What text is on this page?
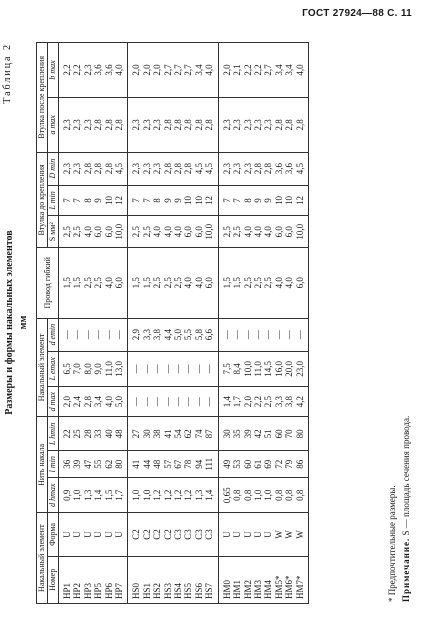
ГОСТ 27924—88 С. 11
Таблица 2
Размеры и формы накальных элементов мм
Накальный элемент		Нить накала			Накальный элемент			Провод гибкий	Втулка до крепления			Втулка после крепления	
Номер	Форма	d hmax	l min	L hmin	d max	L emax	d emin		S мм²	L min	D min	a max	b max
HP1	U	0,9	36	22	2,0	6,5	—	1,5	2,5	7	2,3	2,3	2,2
HP2	U	1,0	39	25	2,4	7,0	—	1,5	2,5	7	2,3	2,3	2,2
HP3	U	1,3	47	28	2,8	8,0	—	2,5	4,0	8	2,8	2,3	2,3
HP5	U	1,4	55	33	3,4	9,0	—	2,5	6,0	9	2,8	2,8	3,6
HP6	U	1,5	62	40	4,0	11,0	—	4,0	6,0	10	2,8	2,8	3,6
HP7	U	1,7	80	48	5,0	13,0	—	6,0	10,0	12	4,5	2,8	4,0
HS0	C2	1,0	41	27	—	—	2,9	1,5	2,5	7	2,3	2,3	2,0
HS1	C2	1,0	44	30	—	—	3,3	1,5	2,5	7	2,3	2,3	2,0
HS2	C2	1,2	48	38	—	—	3,8	2,5	4,0	8	2,3	2,3	2,0
HS3	C2	1,2	57	41	—	—	4,4	2,5	4,0	9	2,8	2,8	2,7
HS4	C3	1,2	67	54	—	—	5,0	2,5	4,0	9	2,8	2,8	2,7
HS5	C3	1,2	78	62	—	—	5,5	4,0	6,0	10	2,8	2,8	2,7
HS6	C3	1,3	94	74	—	—	5,8	4,0	6,0	10	4,5	2,8	3,4
HS7	C3	1,4	111	87	—	—	6,6	6,0	10,0	12	4,5	2,8	4,0
HM0	U	0,65	49	30	1,4	7,5	—	1,5	2,5	7	2,3	2,3	2,0
HM1	U	0,8	53	35	1,7	8,4	—	1,5	2,5	7	2,3	2,3	2,1
HM2	U	0,8	60	39	2,0	10,0	—	2,5	4,0	8	2,3	2,3	2,2
HM3	U	1,0	61	42	2,2	11,0	—	2,5	4,0	9	2,8	2,3	2,2
HM4	U	1,0	69	51	2,5	14,5	—	2,5	4,0	9	2,8	2,3	2,7
HM5*	W	0,8	72	60	3,3	16,0	—	4,0	6,0	10	3,6	2,8	3,4
HM6*	W	0,8	79	70	3,8	20,0	—	4,0	6,0	10	3,6	2,8	3,4
HM7*	W	0,8	86	80	4,2	23,0	—	6,0	10,0	12	4,5	2,8	4,0
* Предпочтительные размеры. Примечание. S — площадь сечения провода.
